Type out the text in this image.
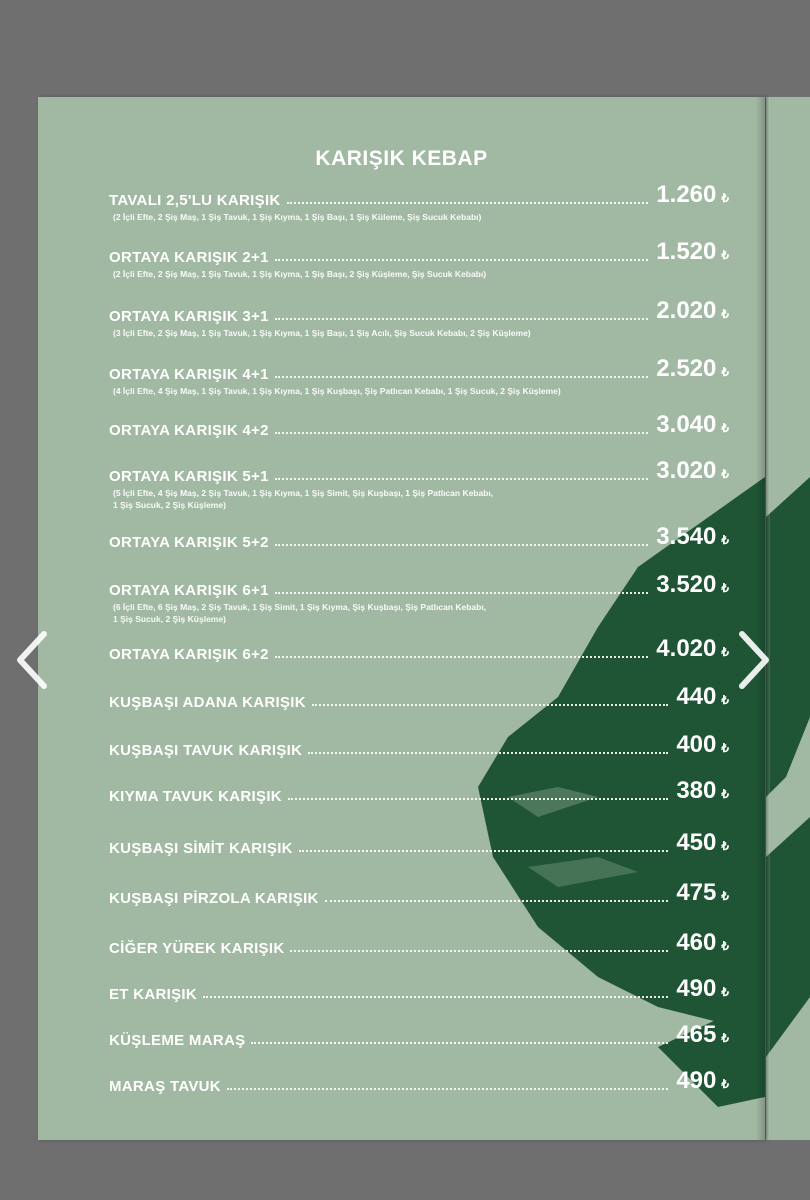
KARIŞIK KEBAP
TAVALI 2,5'LU KARIŞIK	1.260 ₺
(2 İçli Efte, 2 Şiş Maş, 1 Şiş Tavuk, 1 Şiş Kıyma, 1 Şiş Başı, 1 Şiş Küleme, Şiş Sucuk Kebabı)
ORTAYA KARIŞIK 2+1	1.520 ₺
(2 İçli Efte, 2 Şiş Maş, 1 Şiş Tavuk, 1 Şiş Kıyma, 1 Şiş Başı, 2 Şiş Küşleme, Şiş Sucuk Kebabı)
ORTAYA KARIŞIK 3+1	2.020 ₺
(3 İçli Efte, 2 Şiş Maş, 1 Şiş Tavuk, 1 Şiş Kıyma, 1 Şiş Başı, 1 Şiş Acılı, Şiş Sucuk Kebabı, 2 Şiş Küşleme)
ORTAYA KARIŞIK 4+1	2.520 ₺
(4 İçli Efte, 4 Şiş Maş, 1 Şiş Tavuk, 1 Şiş Kıyma, 1 Şiş Kuşbaşı, Şiş Patlıcan Kebabı, 1 Şiş Sucuk, 2 Şiş Küşleme)
ORTAYA KARIŞIK 4+2	3.040 ₺
ORTAYA KARIŞIK 5+1	3.020 ₺
(5 İçli Efte, 4 Şiş Maş, 2 Şiş Tavuk, 1 Şiş Kıyma, 1 Şiş Simit, Şiş Kuşbaşı, 1 Şiş Patlıcan Kebabı,
1 Şiş Sucuk, 2 Şiş Küşleme)
ORTAYA KARIŞIK 5+2	3.540 ₺
ORTAYA KARIŞIK 6+1	3.520 ₺
(6 İçli Efte, 6 Şiş Maş, 2 Şiş Tavuk, 1 Şiş Simit, 1 Şiş Kıyma, Şiş Kuşbaşı, Şiş Patlıcan Kebabı,
1 Şiş Sucuk, 2 Şiş Küşleme)
ORTAYA KARIŞIK 6+2	4.020 ₺
KUŞBAŞI ADANA KARIŞIK	440 ₺
KUŞBAŞI TAVUK KARIŞIK	400 ₺
KIYMA TAVUK KARIŞIK	380 ₺
KUŞBAŞI SİMİT KARIŞIK	450 ₺
KUŞBAŞI PİRZOLA KARIŞIK	475 ₺
CİĞER YÜREK KARIŞIK	460 ₺
ET KARIŞIK	490 ₺
KÜŞLEME MARAŞ	465 ₺
MARAŞ TAVUK	490 ₺
